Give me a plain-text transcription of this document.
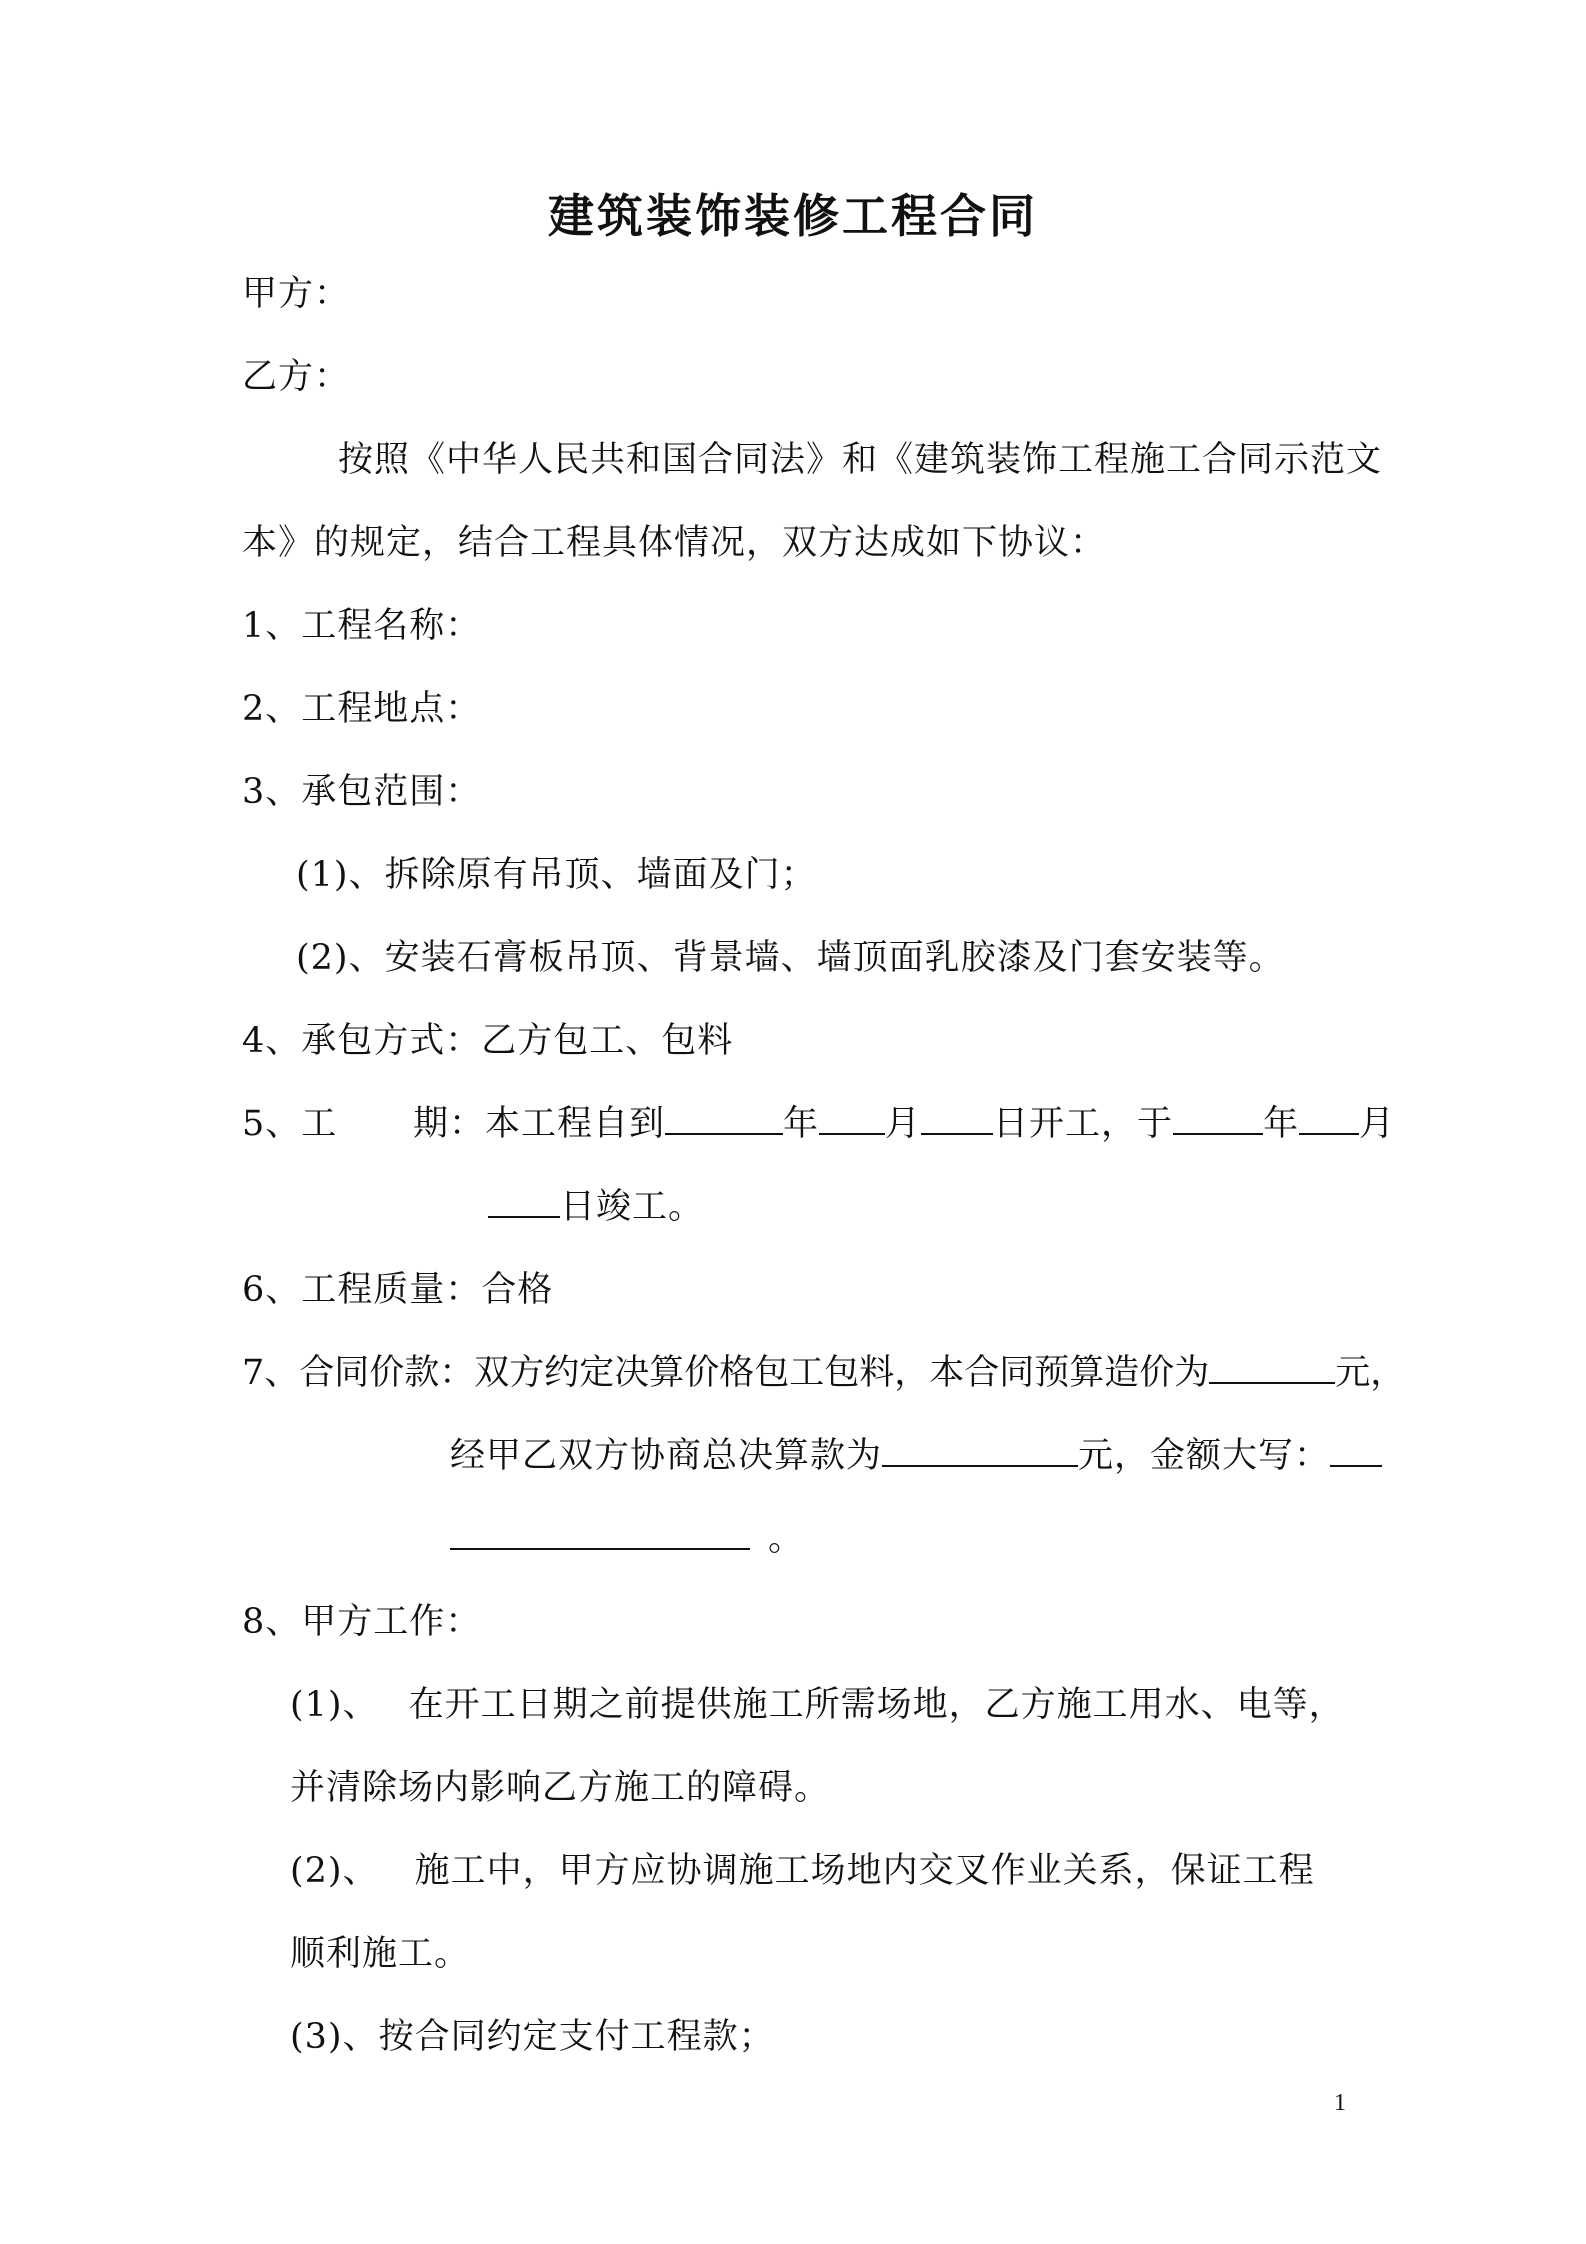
建筑装饰装修工程合同
甲方：
乙方：
按照《中华人民共和国合同法》和《建筑装饰工程施工合同示范文
本》的规定，结合工程具体情况，双方达成如下协议：
1、工程名称：
2、工程地点：
3、承包范围：
(1)、拆除原有吊顶、墙面及门；
(2)、安装石膏板吊顶、背景墙、墙顶面乳胶漆及门套安装等。
4、承包方式：乙方包工、包料
5、工 期：本工程自到	年 月 日开工，于	年 月
日竣工。
6、工程质量：合格
7、合同价款：双方约定决算价格包工包料，本合同预算造价为	元，
经甲乙双方协商总决算款为	元，金额大写：
。
8、甲方工作：
(1)、 在开工日期之前提供施工所需场地，乙方施工用水、电等，
并清除场内影响乙方施工的障碍。
(2)、 施工中，甲方应协调施工场地内交叉作业关系，保证工程
顺利施工。
(3)、按合同约定支付工程款；
1
